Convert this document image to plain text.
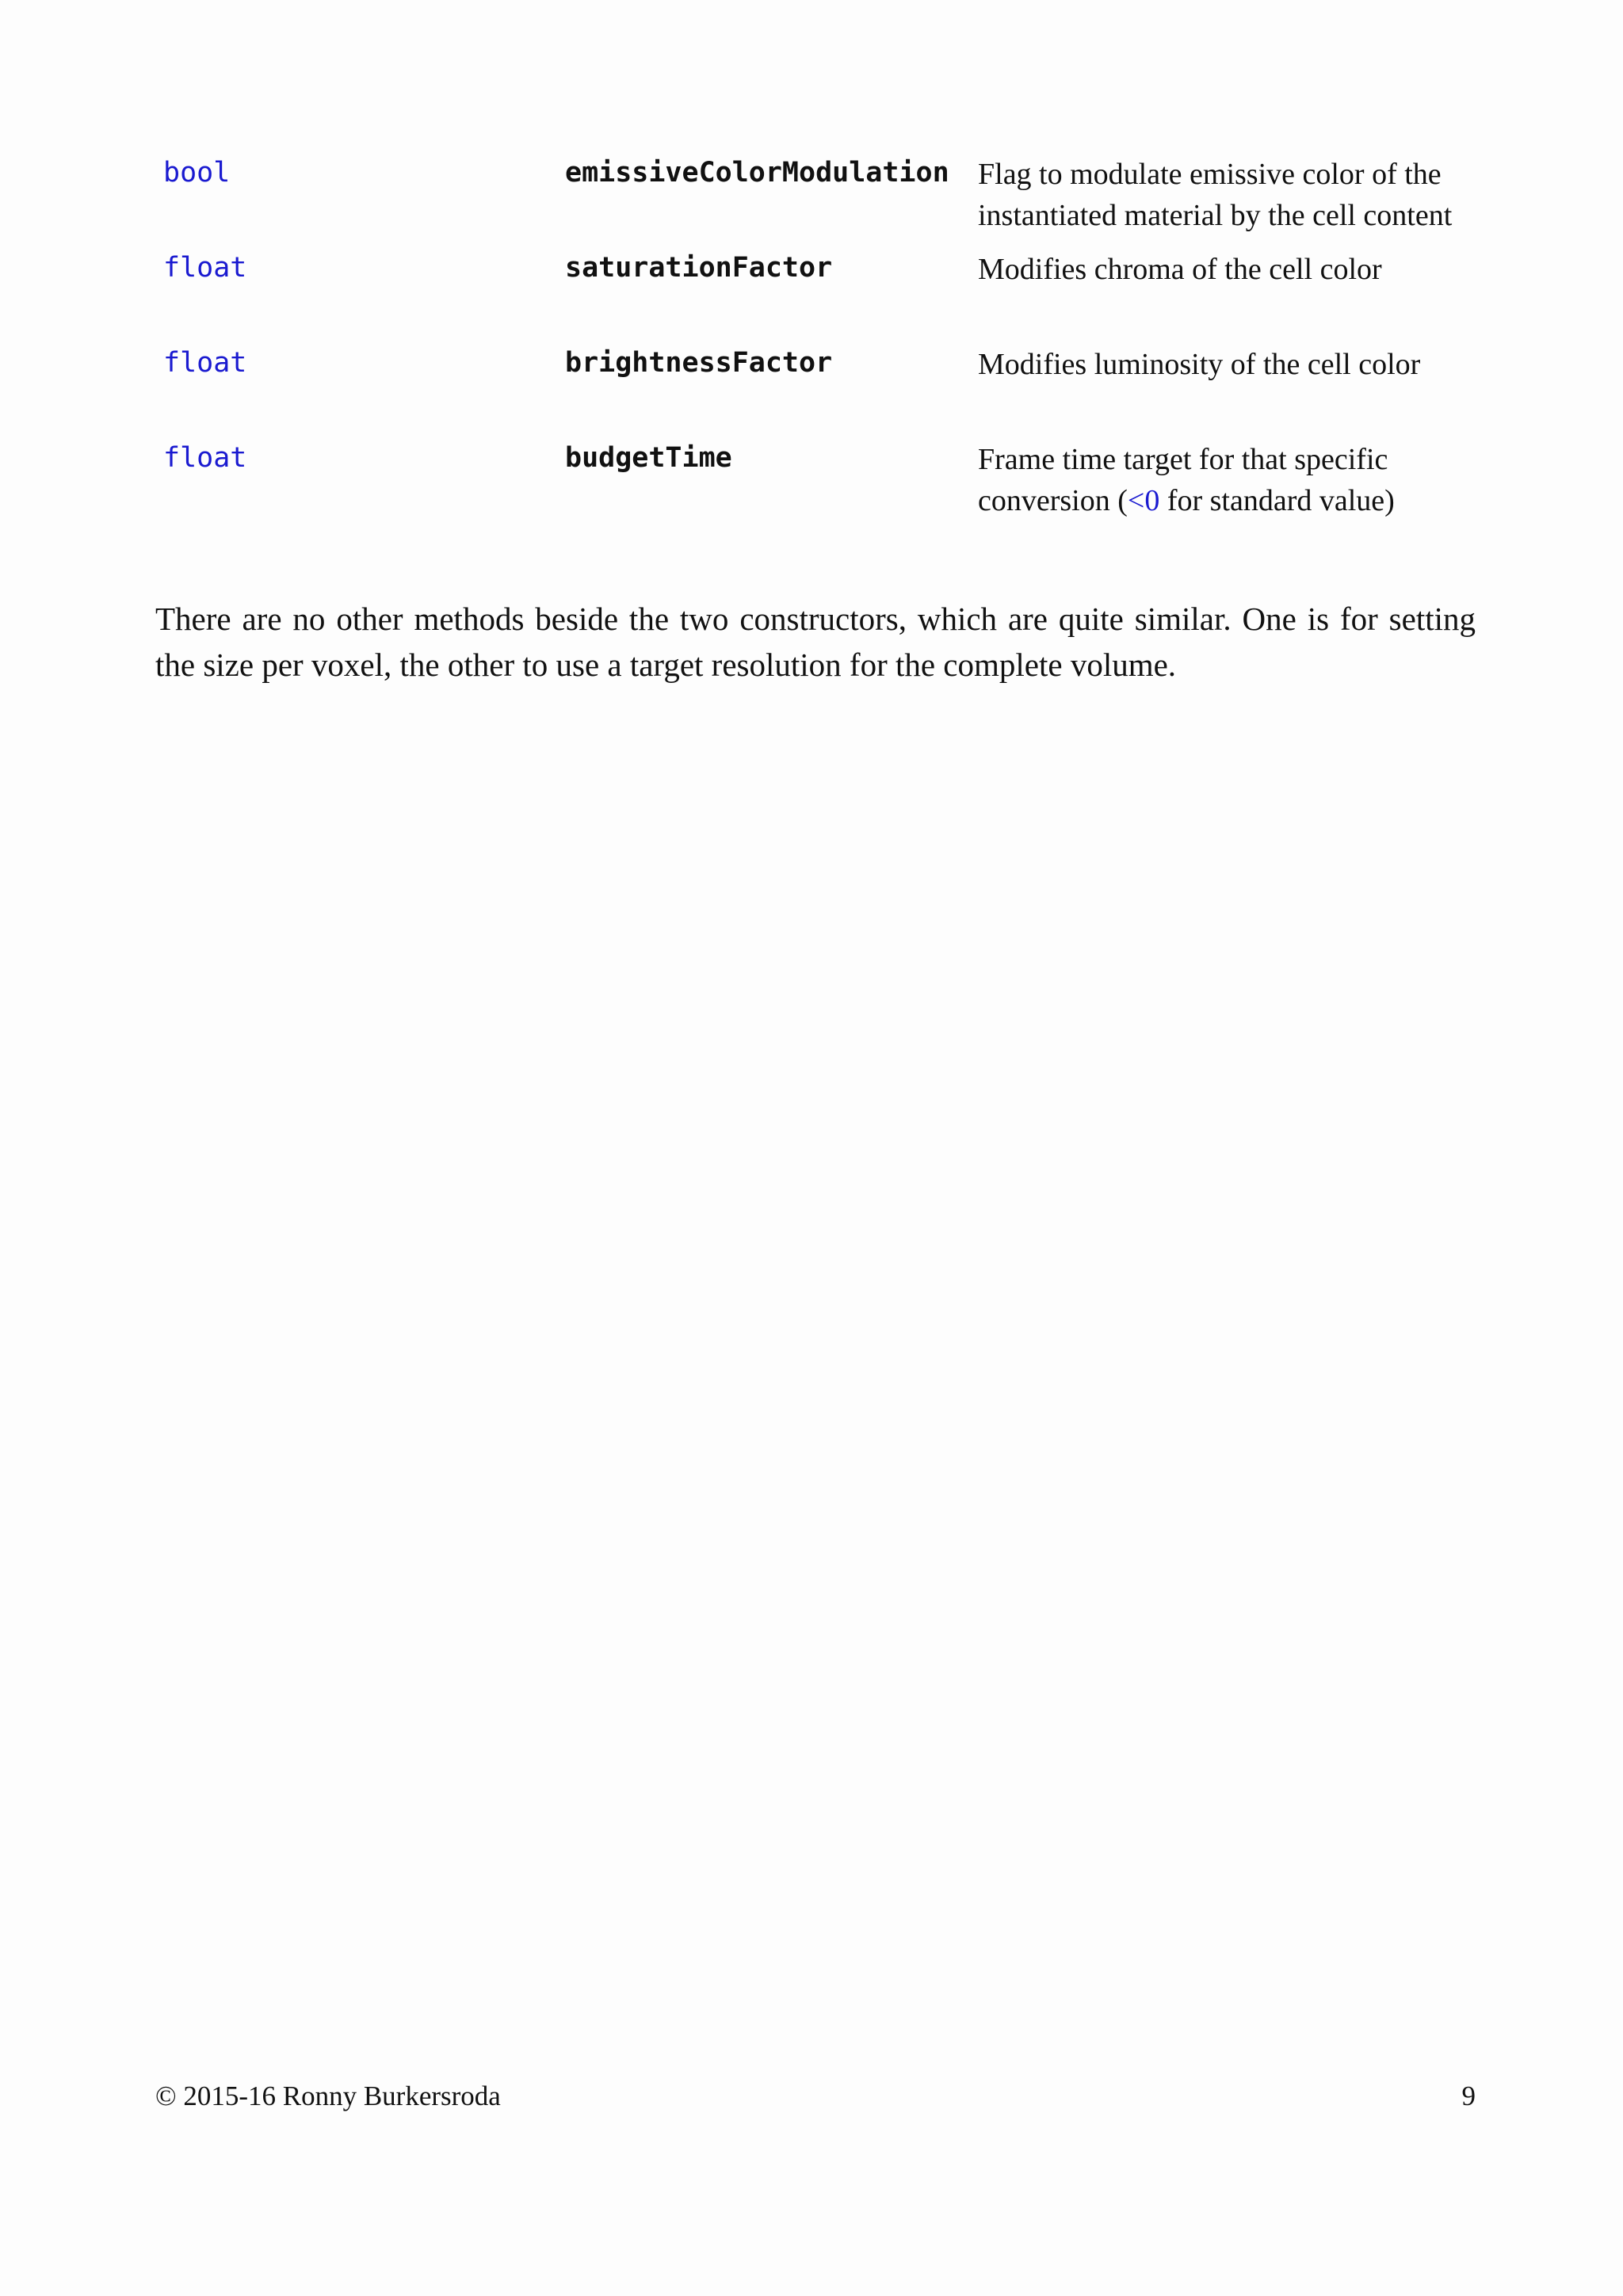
bool	emissiveColorModulation Flag to modulate emissive color of the
instantiated material by the cell content
float	saturationFactor	Modifies chroma of the cell color
float	brightnessFactor	Modifies luminosity of the cell color
float	budgetTime	Frame time target for that specific
conversion (<0 for standard value)

There are no other methods beside the two constructors, which are quite similar. One is for setting the size per voxel, the other to use a target resolution for the complete volume.

© 2015-16 Ronny Burkersroda	9
